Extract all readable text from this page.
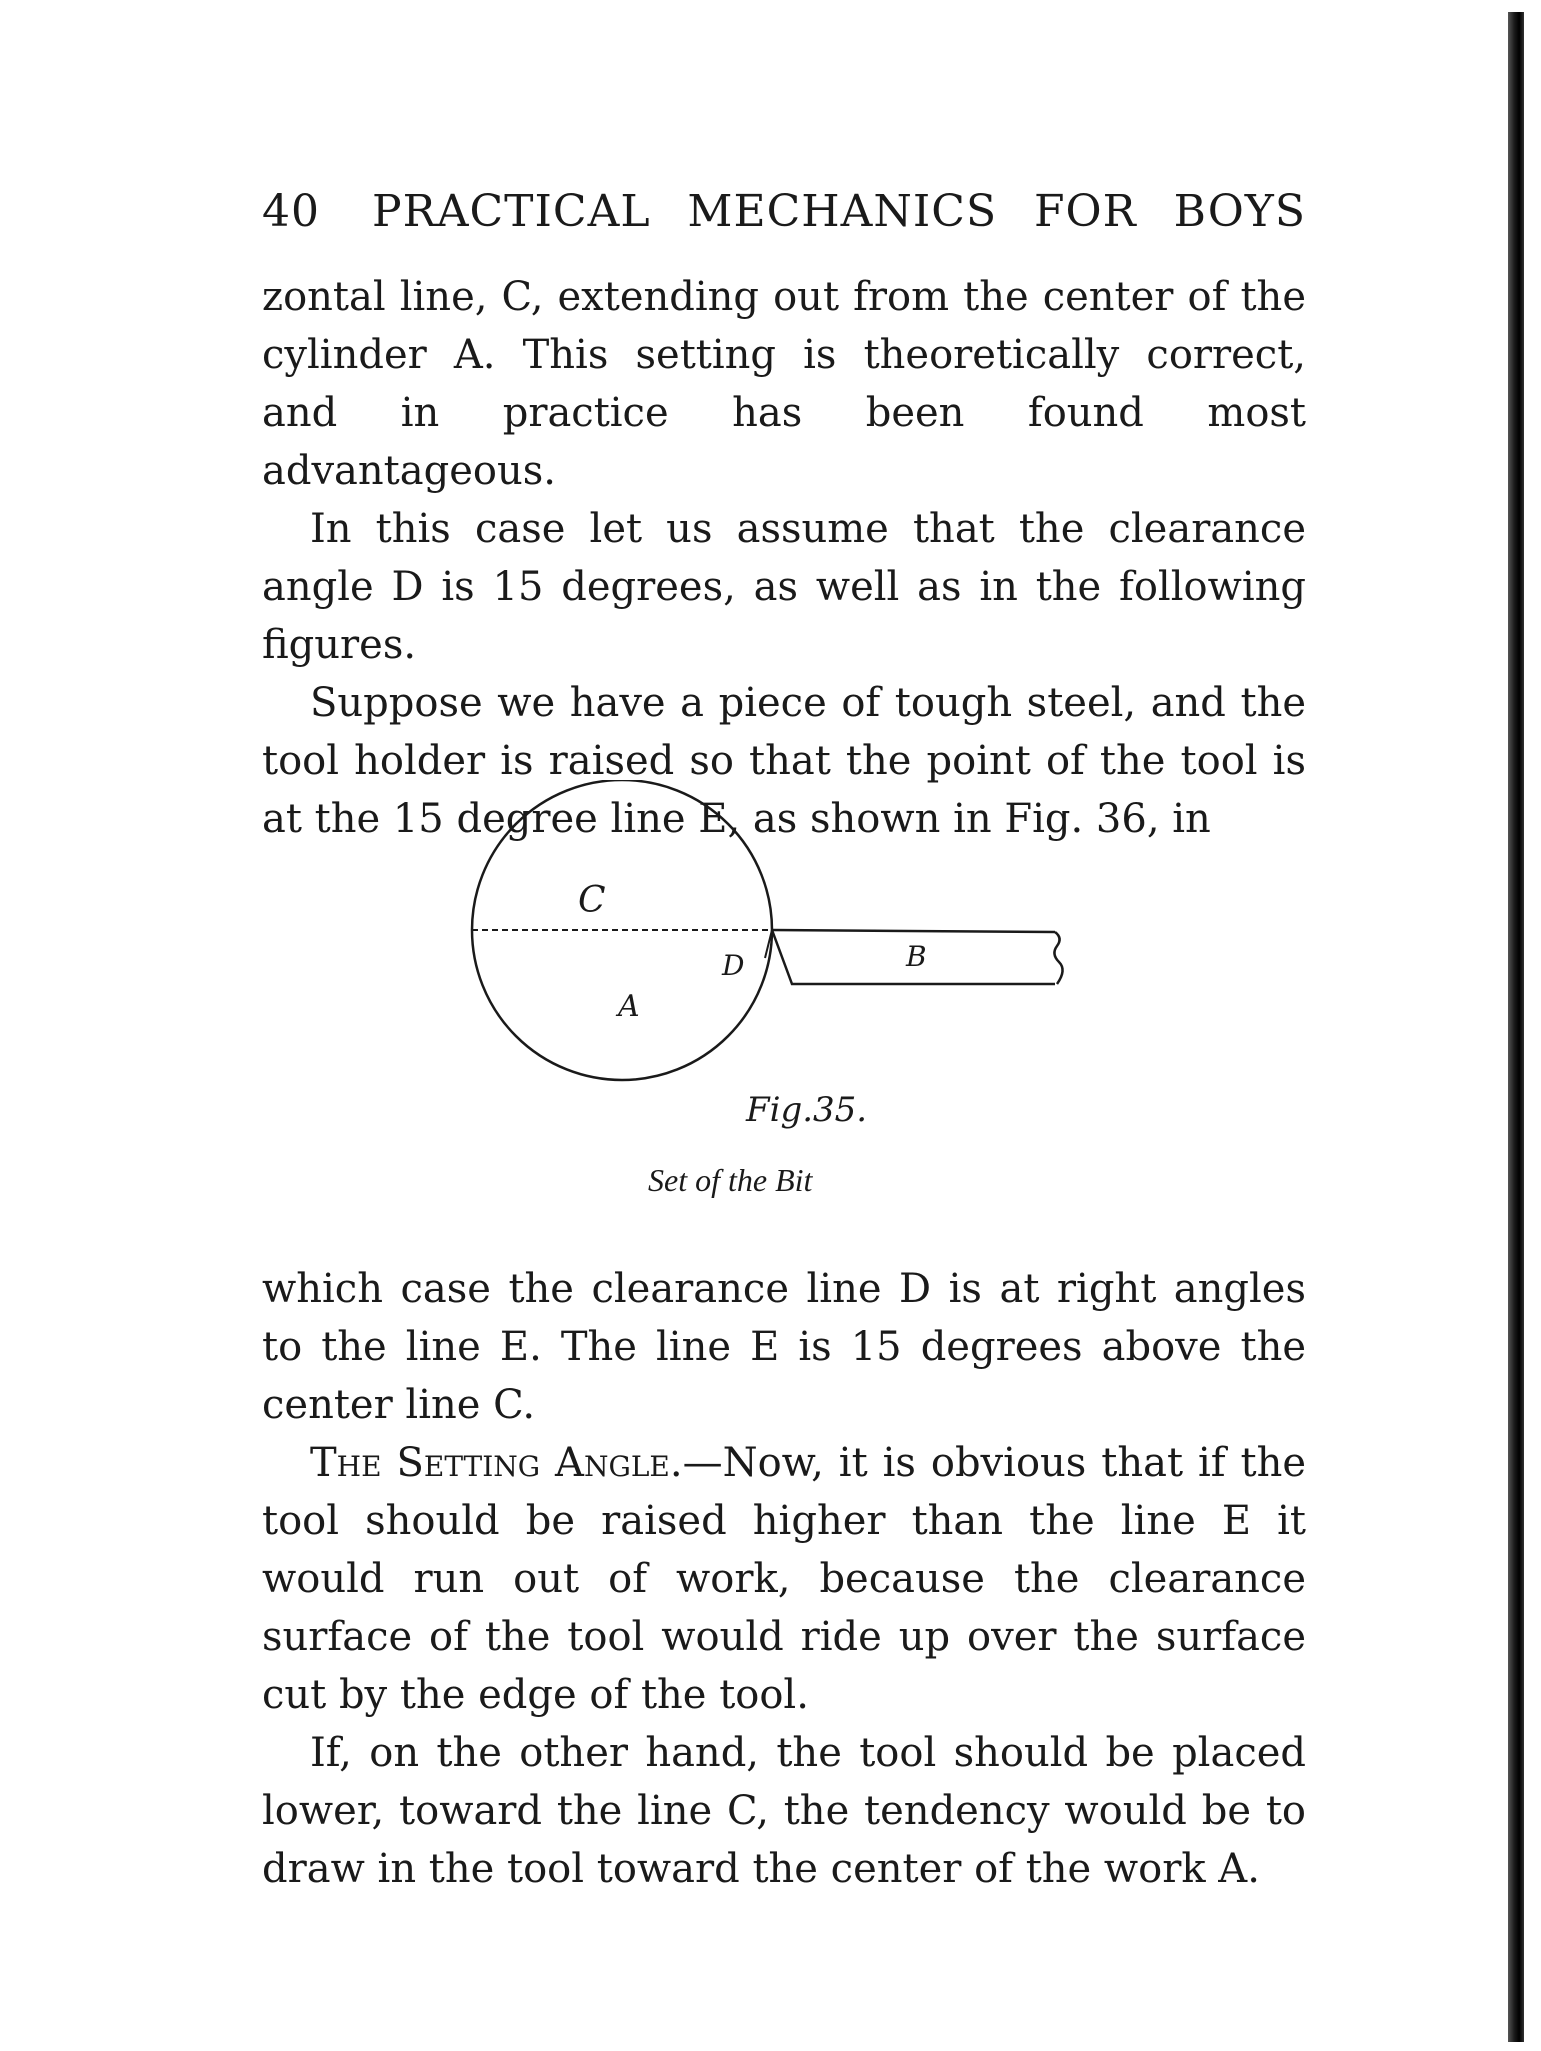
40	PRACTICAL MECHANICS FOR BOYS

zontal line, C, extending out from the center of the cylinder A. This setting is theoretically correct, and in practice has been found most advantageous.

In this case let us assume that the clearance angle D is 15 degrees, as well as in the following figures.

Suppose we have a piece of tough steel, and the tool holder is raised so that the point of the tool is at the 15 degree line E, as shown in Fig. 36, in

C
D	B
A
Fig.35.
Set of the Bit

which case the clearance line D is at right angles to the line E. The line E is 15 degrees above the center line C.

The Setting Angle.—Now, it is obvious that if the tool should be raised higher than the line E it would run out of work, because the clearance surface of the tool would ride up over the surface cut by the edge of the tool.

If, on the other hand, the tool should be placed lower, toward the line C, the tendency would be to draw in the tool toward the center of the work A.
